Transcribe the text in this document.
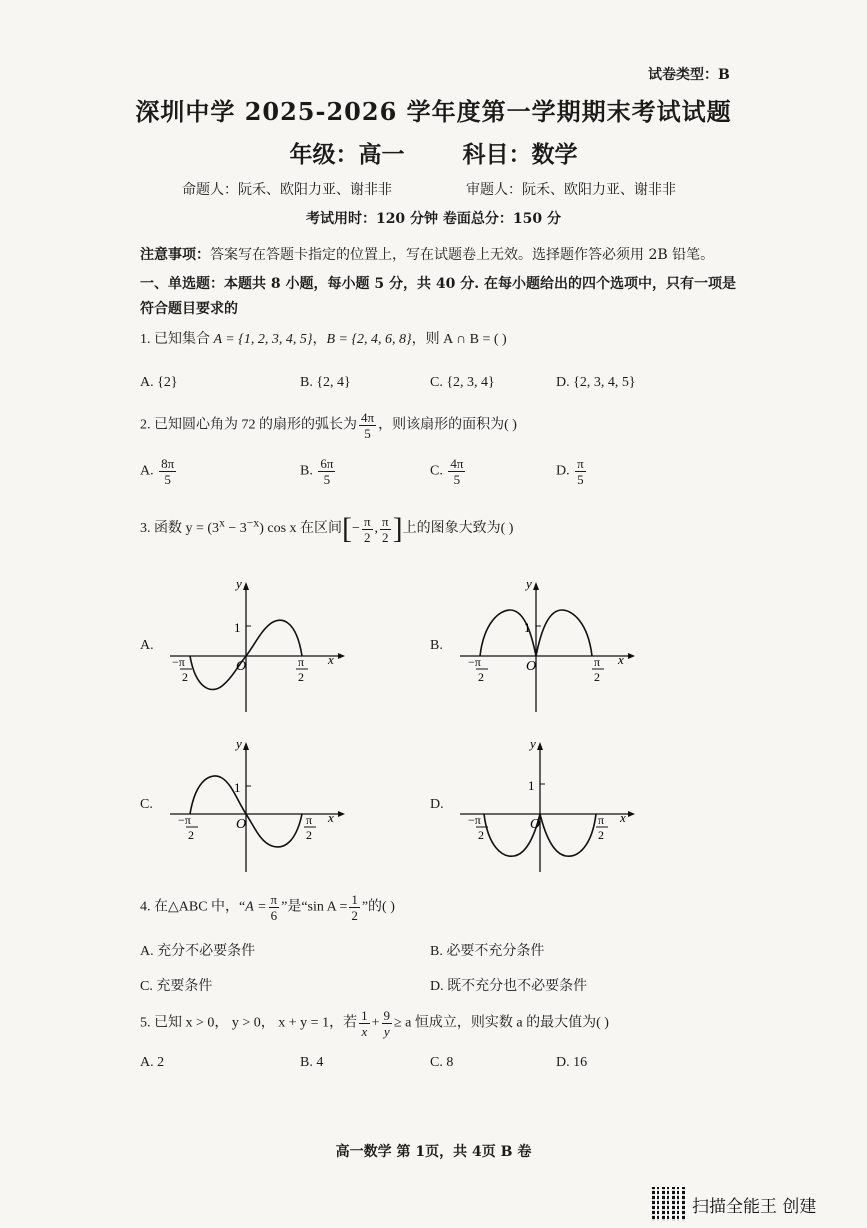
试卷类型：B
深圳中学 2025-2026 学年度第一学期期末考试试题
年级：高一	科目：数学
命题人：阮禾、欧阳力亚、谢非非	审题人：阮禾、欧阳力亚、谢非非
考试用时：120 分钟 卷面总分：150 分
注意事项：答案写在答题卡指定的位置上，写在试题卷上无效。选择题作答必须用 2B 铅笔。
一、单选题：本题共 8 小题，每小题 5 分，共 40 分. 在每小题给出的四个选项中，只有一项是符合题目要求的
1. 已知集合 A = {1, 2, 3, 4, 5}，B = {2, 4, 6, 8}，则 A ∩ B = ( )
A. {2}	B. {2, 4}	C. {2, 3, 4}	D. {2, 3, 4, 5}
2. 已知圆心角为 72 的扇形的弧长为 $\frac{4\pi}{5}$ ，则该扇形的面积为( )
A. $\frac{8\pi}{5}$	B. $\frac{6\pi}{5}$	C. $\frac{4\pi}{5}$	D. $\frac{\pi}{5}$
3. 函数 $y = (3^x - 3^{-x})$ cos x 在区间[− $\frac{\pi}{2}$ , $\frac{\pi}{2}$ ]上的图象大致为( )
A.
1
O	x
y
−π
2
π
2
B.
1
O	x
y
−π
2
π
2
C.
1
O	x
y
−π
2
π
2
D.
1
O	x
y
−π
2
π
2
4. 在△ABC 中，“$A = \frac{\pi}{6}$ ”是“sin $A = \frac{1}{2}$ ”的( )
A. 充分不必要条件	B. 必要不充分条件
C. 充要条件	D. 既不充分也不必要条件
5. 已知 x > 0， y > 0， x + y = 1，若 $\frac{1}{x} + \frac{9}{y} \ge a$ 恒成立，则实数 a 的最大值为( )
A. 2	B. 4	C. 8	D. 16
高一数学 第 1页，共 4页 B 卷
扫描全能王 创建
